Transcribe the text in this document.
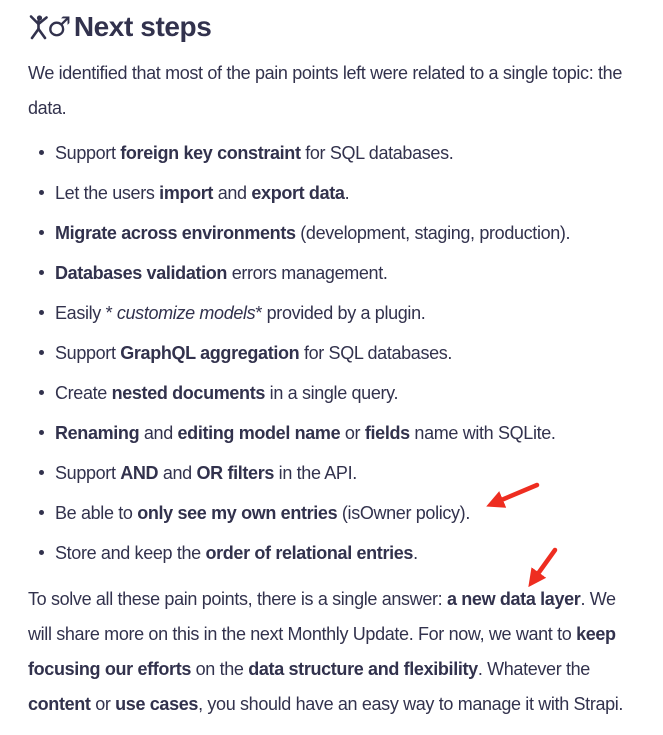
♂ Next steps

We identified that most of the pain points left were related to a single topic: the data.

Support foreign key constraint for SQL databases.
Let the users import and export data.
Migrate across environments (development, staging, production).
Databases validation errors management.
Easily * customize models* provided by a plugin.
Support GraphQL aggregation for SQL databases.
Create nested documents in a single query.
Renaming and editing model name or fields name with SQLite.
Support AND and OR filters in the API.
Be able to only see my own entries (isOwner policy).
Store and keep the order of relational entries.

To solve all these pain points, there is a single answer: a new data layer. We will share more on this in the next Monthly Update. For now, we want to keep focusing our efforts on the data structure and flexibility. Whatever the content or use cases, you should have an easy way to manage it with Strapi.
